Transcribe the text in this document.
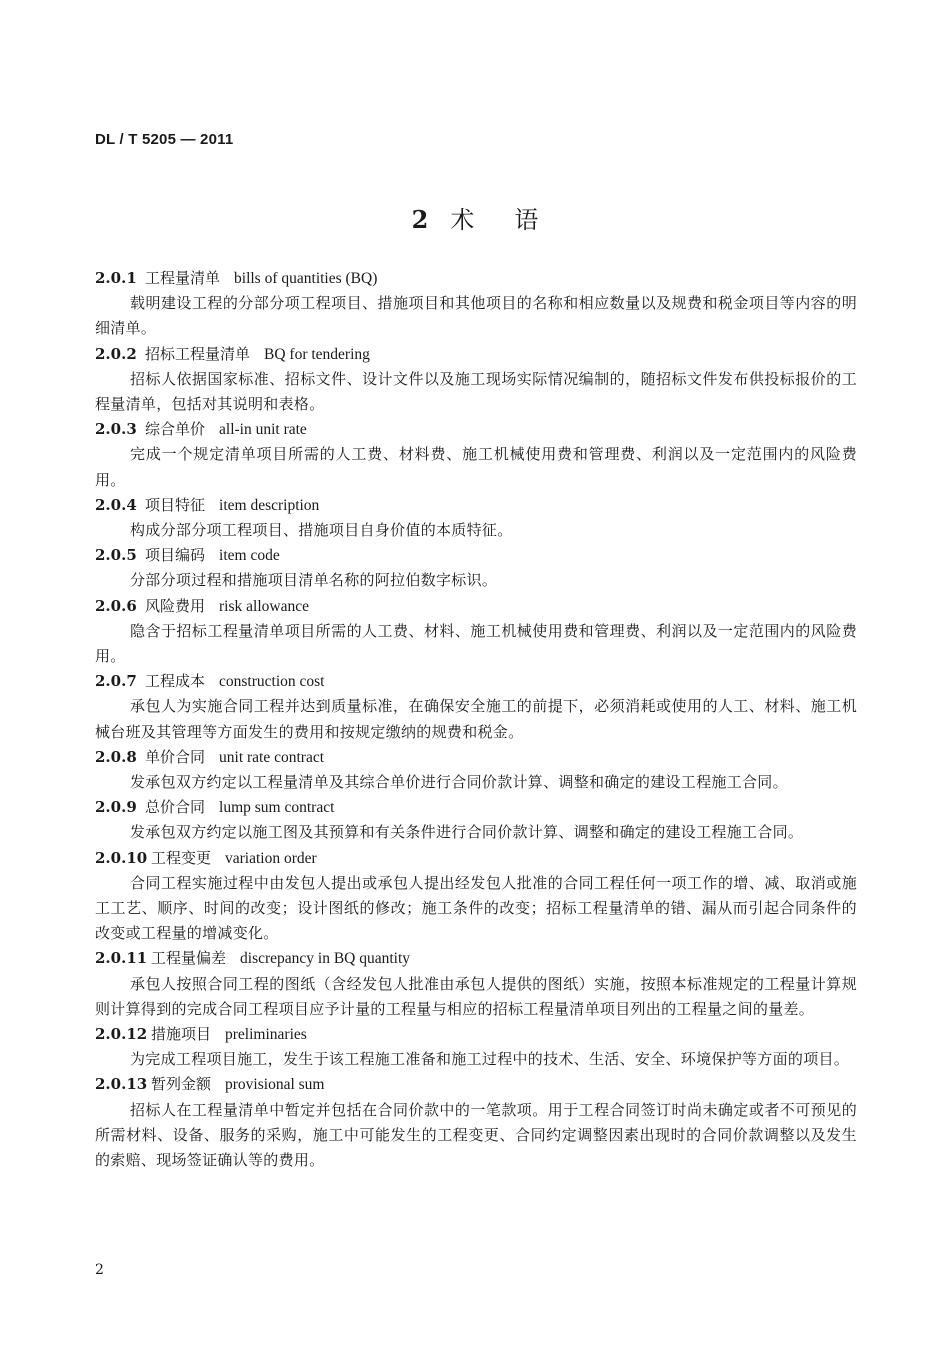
DL / T 5205 — 2011
2 术 语
2.0.1 工程量清单 bills of quantities (BQ)

载明建设工程的分部分项工程项目、措施项目和其他项目的名称和相应数量以及规费和税金项目等内容的明细清单。

2.0.2 招标工程量清单 BQ for tendering

招标人依据国家标准、招标文件、设计文件以及施工现场实际情况编制的，随招标文件发布供投标报价的工程量清单，包括对其说明和表格。

2.0.3 综合单价 all-in unit rate

完成一个规定清单项目所需的人工费、材料费、施工机械使用费和管理费、利润以及一定范围内的风险费用。

2.0.4 项目特征 item description

构成分部分项工程项目、措施项目自身价值的本质特征。

2.0.5 项目编码 item code

分部分项过程和措施项目清单名称的阿拉伯数字标识。

2.0.6 风险费用 risk allowance

隐含于招标工程量清单项目所需的人工费、材料、施工机械使用费和管理费、利润以及一定范围内的风险费用。

2.0.7 工程成本 construction cost

承包人为实施合同工程并达到质量标准，在确保安全施工的前提下，必须消耗或使用的人工、材料、施工机械台班及其管理等方面发生的费用和按规定缴纳的规费和税金。

2.0.8 单价合同 unit rate contract

发承包双方约定以工程量清单及其综合单价进行合同价款计算、调整和确定的建设工程施工合同。

2.0.9 总价合同 lump sum contract

发承包双方约定以施工图及其预算和有关条件进行合同价款计算、调整和确定的建设工程施工合同。

2.0.10 工程变更 variation order

合同工程实施过程中由发包人提出或承包人提出经发包人批准的合同工程任何一项工作的增、减、取消或施工工艺、顺序、时间的改变；设计图纸的修改；施工条件的改变；招标工程量清单的错、漏从而引起合同条件的改变或工程量的增减变化。

2.0.11 工程量偏差 discrepancy in BQ quantity

承包人按照合同工程的图纸（含经发包人批准由承包人提供的图纸）实施，按照本标准规定的工程量计算规则计算得到的完成合同工程项目应予计量的工程量与相应的招标工程量清单项目列出的工程量之间的量差。

2.0.12 措施项目 preliminaries

为完成工程项目施工，发生于该工程施工准备和施工过程中的技术、生活、安全、环境保护等方面的项目。

2.0.13 暂列金额 provisional sum

招标人在工程量清单中暂定并包括在合同价款中的一笔款项。用于工程合同签订时尚未确定或者不可预见的所需材料、设备、服务的采购，施工中可能发生的工程变更、合同约定调整因素出现时的合同价款调整以及发生的索赔、现场签证确认等的费用。

2
